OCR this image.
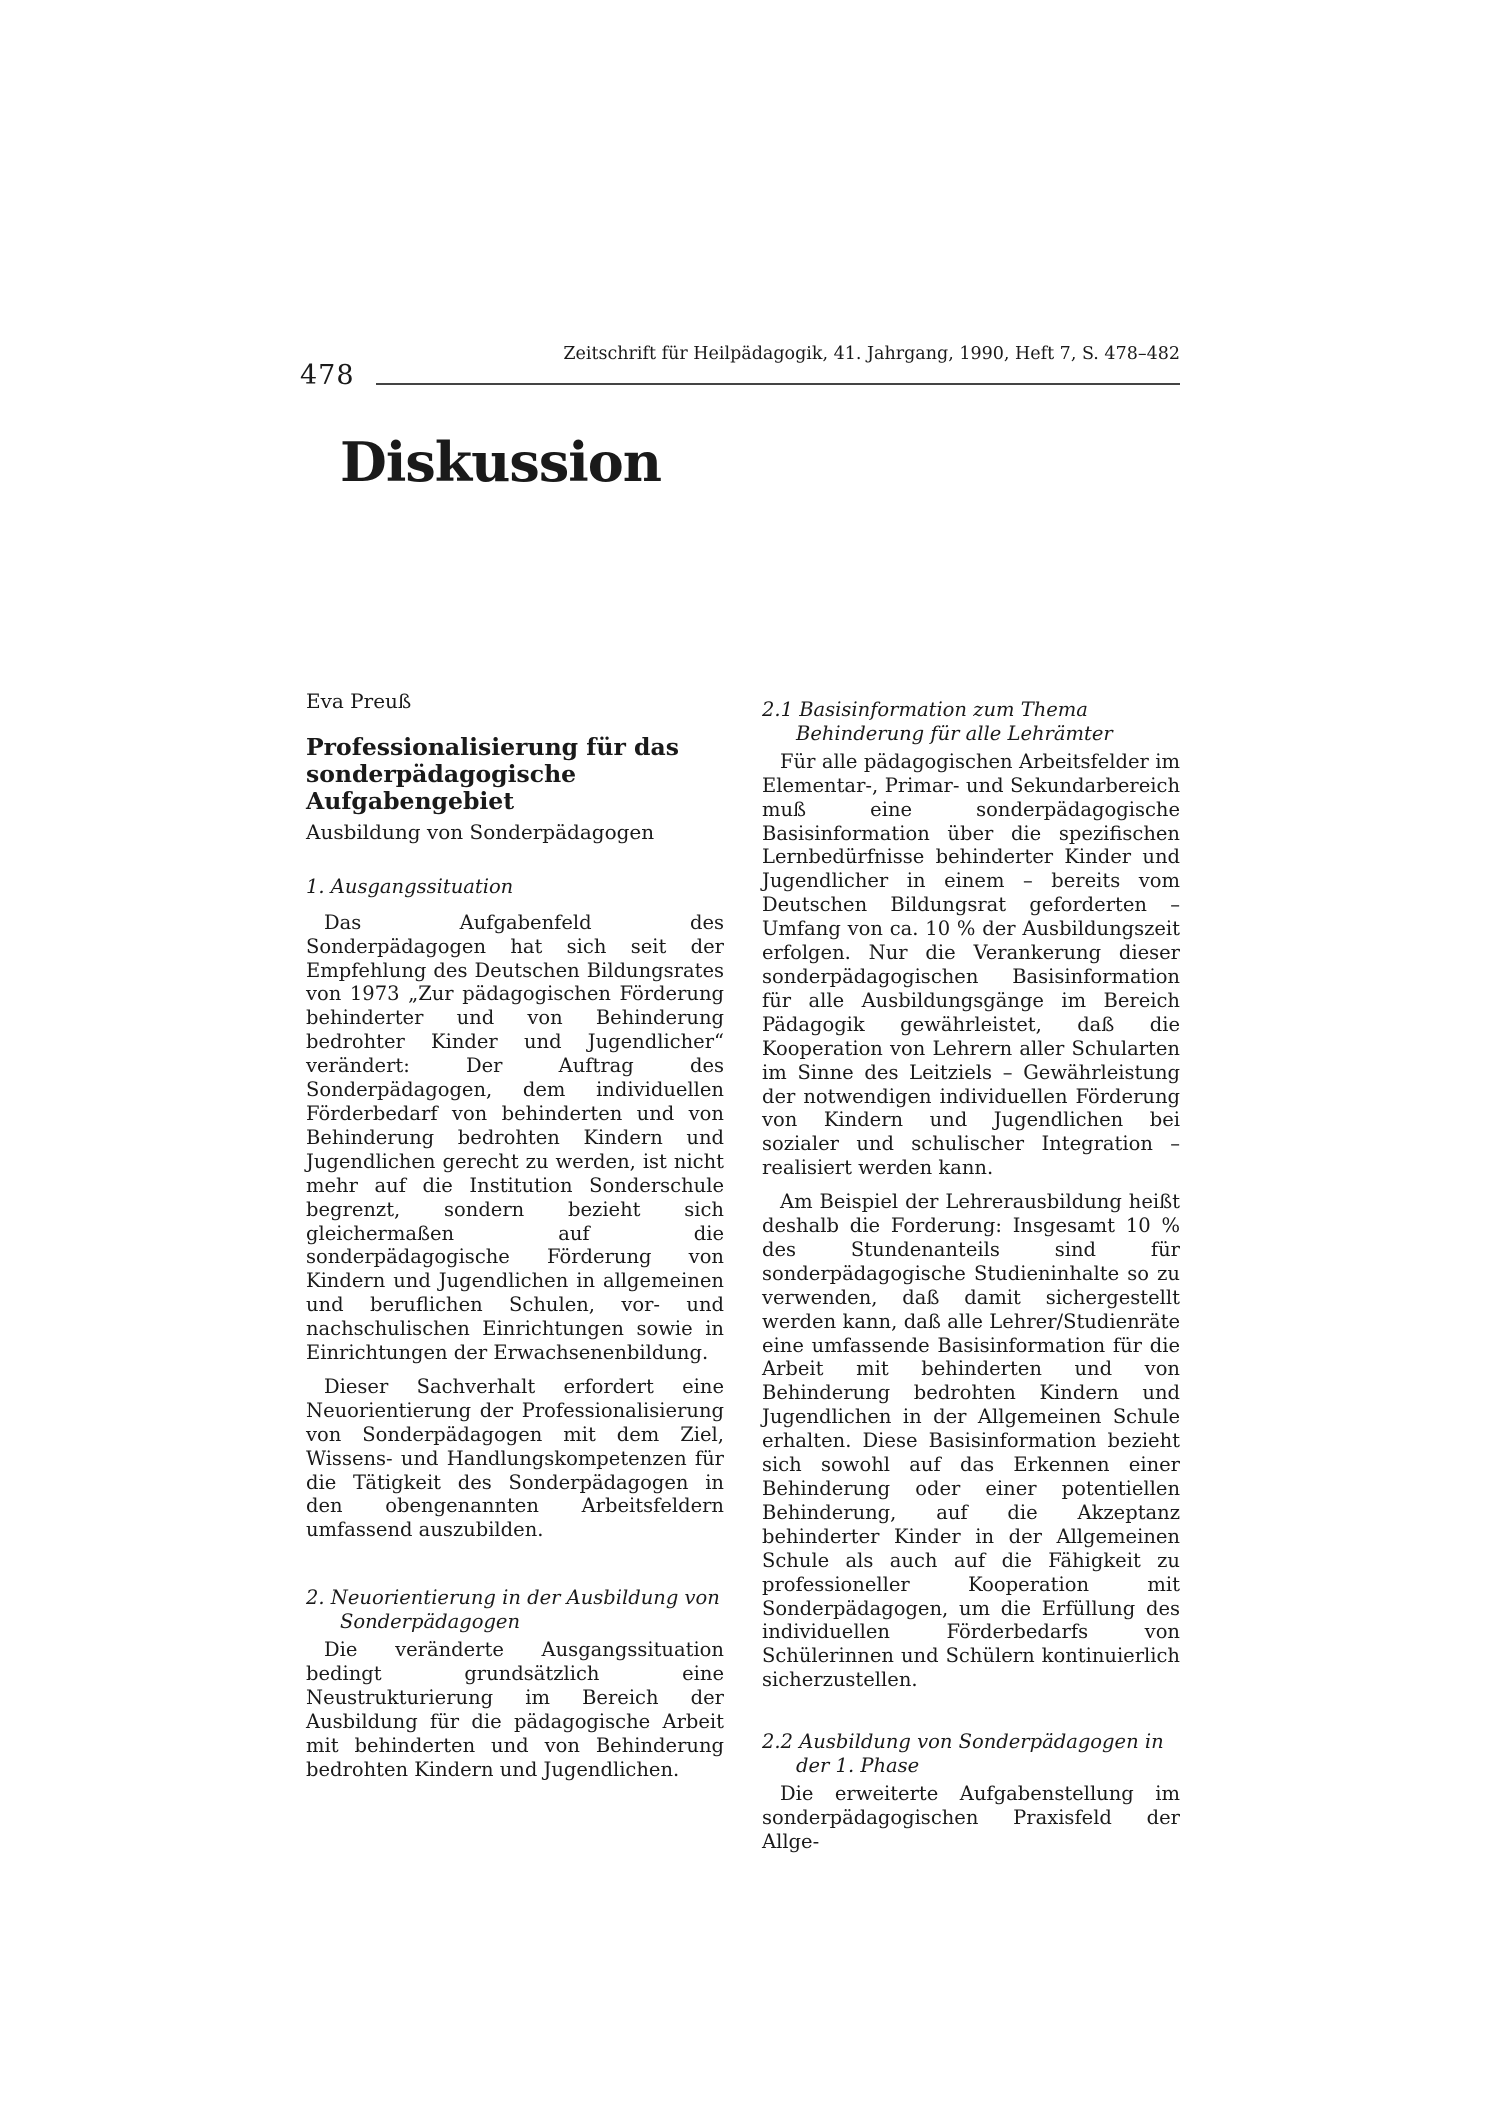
478
Zeitschrift für Heilpädagogik, 41. Jahrgang, 1990, Heft 7, S. 478–482
Diskussion
Eva Preuß
Professionalisierung für das sonderpädagogische Aufgabengebiet
Ausbildung von Sonderpädagogen
1. Ausgangssituation

Das Aufgabenfeld des Sonderpädagogen hat sich seit der Empfehlung des Deutschen Bildungsrates von 1973 „Zur pädagogischen Förderung behinderter und von Behinderung bedrohter Kinder und Jugendlicher“ verändert: Der Auftrag des Sonderpädagogen, dem individuellen Förderbedarf von behinderten und von Behinderung bedrohten Kindern und Jugendlichen gerecht zu werden, ist nicht mehr auf die Institution Sonderschule begrenzt, sondern bezieht sich gleichermaßen auf die sonderpädagogische Förderung von Kindern und Jugendlichen in allgemeinen und beruflichen Schulen, vor- und nachschulischen Einrichtungen sowie in Einrichtungen der Erwachsenenbildung.

Dieser Sachverhalt erfordert eine Neuorientierung der Professionalisierung von Sonderpädagogen mit dem Ziel, Wissens- und Handlungskompetenzen für die Tätigkeit des Sonderpädagogen in den obengenannten Arbeitsfeldern umfassend auszubilden.

2. Neuorientierung in der Ausbildung von Sonderpädagogen

Die veränderte Ausgangssituation bedingt grundsätzlich eine Neustrukturierung im Bereich der Ausbildung für die pädagogische Arbeit mit behinderten und von Behinderung bedrohten Kindern und Jugendlichen.

2.1 Basisinformation zum Thema Behinderung für alle Lehrämter

Für alle pädagogischen Arbeitsfelder im Elementar-, Primar- und Sekundarbereich muß eine sonderpädagogische Basisinformation über die spezifischen Lernbedürfnisse behinderter Kinder und Jugendlicher in einem – bereits vom Deutschen Bildungsrat geforderten – Umfang von ca. 10 % der Ausbildungszeit erfolgen. Nur die Verankerung dieser sonderpädagogischen Basisinformation für alle Ausbildungsgänge im Bereich Pädagogik gewährleistet, daß die Kooperation von Lehrern aller Schularten im Sinne des Leitziels – Gewährleistung der notwendigen individuellen Förderung von Kindern und Jugendlichen bei sozialer und schulischer Integration – realisiert werden kann.

Am Beispiel der Lehrerausbildung heißt deshalb die Forderung: Insgesamt 10 % des Stundenanteils sind für sonderpädagogische Studieninhalte so zu verwenden, daß damit sichergestellt werden kann, daß alle Lehrer/Studienräte eine umfassende Basisinformation für die Arbeit mit behinderten und von Behinderung bedrohten Kindern und Jugendlichen in der Allgemeinen Schule erhalten. Diese Basisinformation bezieht sich sowohl auf das Erkennen einer Behinderung oder einer potentiellen Behinderung, auf die Akzeptanz behinderter Kinder in der Allgemeinen Schule als auch auf die Fähigkeit zu professioneller Kooperation mit Sonderpädagogen, um die Erfüllung des individuellen Förderbedarfs von Schülerinnen und Schülern kontinuierlich sicherzustellen.

2.2 Ausbildung von Sonderpädagogen in der 1. Phase

Die erweiterte Aufgabenstellung im sonderpädagogischen Praxisfeld der Allge-
